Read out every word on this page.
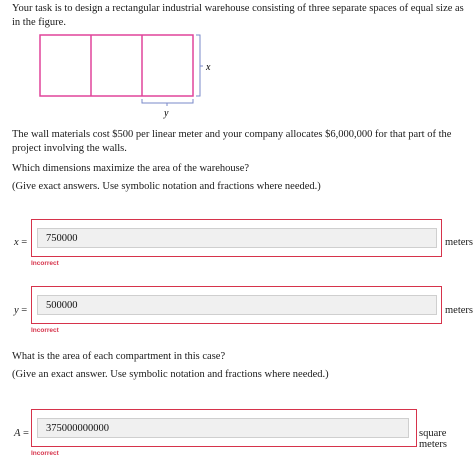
Your task is to design a rectangular industrial warehouse consisting of three separate spaces of equal size as in the figure.
x
y
The wall materials cost $500 per linear meter and your company allocates $6,000,000 for that part of the project involving the walls.
Which dimensions maximize the area of the warehouse?
(Give exact answers. Use symbolic notation and fractions where needed.)
x =	750000	meters
Incorrect
y =	500000	meters
Incorrect
What is the area of each compartment in this case?
(Give an exact answer. Use symbolic notation and fractions where needed.)
A =	375000000000	square meters
Incorrect
